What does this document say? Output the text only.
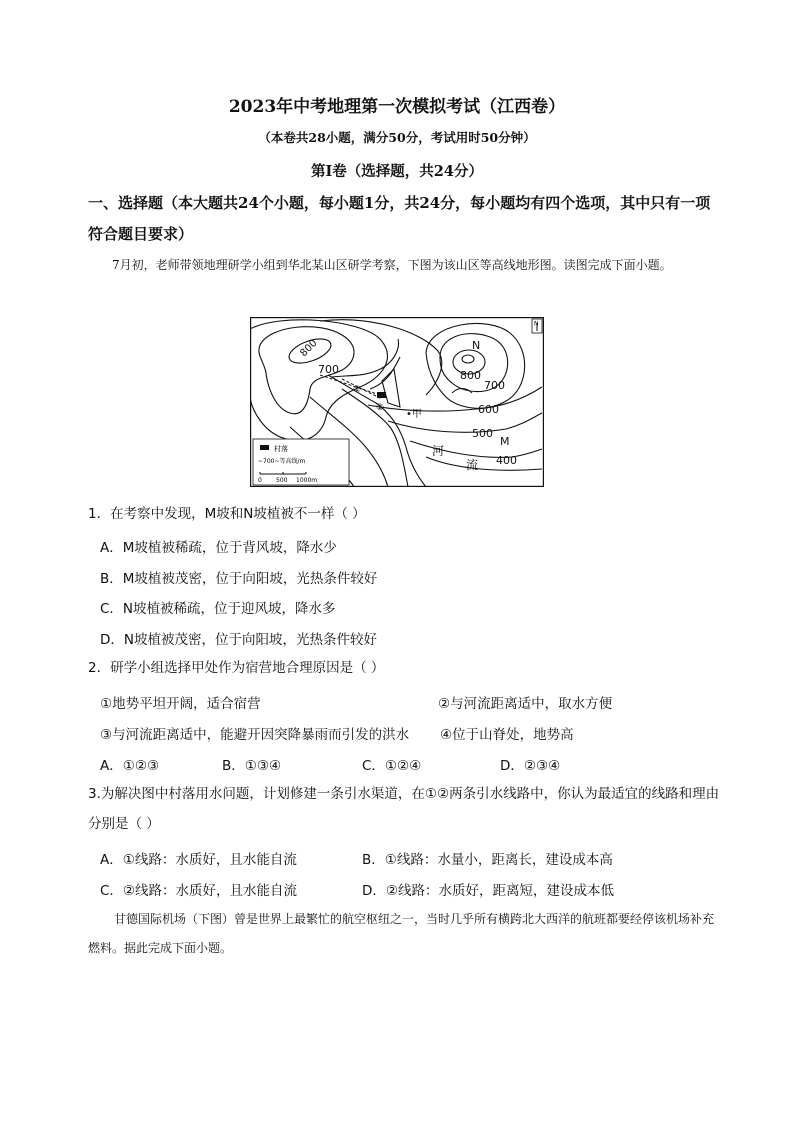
2023年中考地理第一次模拟考试（江西卷）
（本卷共28小题，满分50分，考试用时50分钟）
第Ⅰ卷（选择题，共24分）
一、选择题（本大题共24个小题，每小题1分，共24分，每小题均有四个选项，其中只有一项符合题目要求）
7月初，老师带领地理研学小组到华北某山区研学考察，下图为该山区等高线地形图。读图完成下面小题。
N
800
700	800
700
600
500
400
N
M
•甲
①
②
河
流
村落
~700~等高线/m
0 500 1000m
1．在考察中发现，M坡和N坡植被不一样（ ）
A．M坡植被稀疏，位于背风坡，降水少
B．M坡植被茂密，位于向阳坡，光热条件较好
C．N坡植被稀疏，位于迎风坡，降水多
D．N坡植被茂密，位于向阳坡，光热条件较好
2．研学小组选择甲处作为宿营地合理原因是（ ）
①地势平坦开阔，适合宿营	②与河流距离适中，取水方便
③与河流距离适中，能避开因突降暴雨而引发的洪水 ④位于山脊处，地势高
A．①②③	B．①③④	C．①②④	D．②③④
3.为解决图中村落用水问题，计划修建一条引水渠道，在①②两条引水线路中，你认为最适宜的线路和理由分别是（ ）
A．①线路：水质好，且水能自流	B．①线路：水量小，距离长，建设成本高
C．②线路：水质好，且水能自流	D．②线路：水质好，距离短，建设成本低
甘德国际机场（下图）曾是世界上最繁忙的航空枢纽之一，当时几乎所有横跨北大西洋的航班都要经停该机场补充燃料。据此完成下面小题。
